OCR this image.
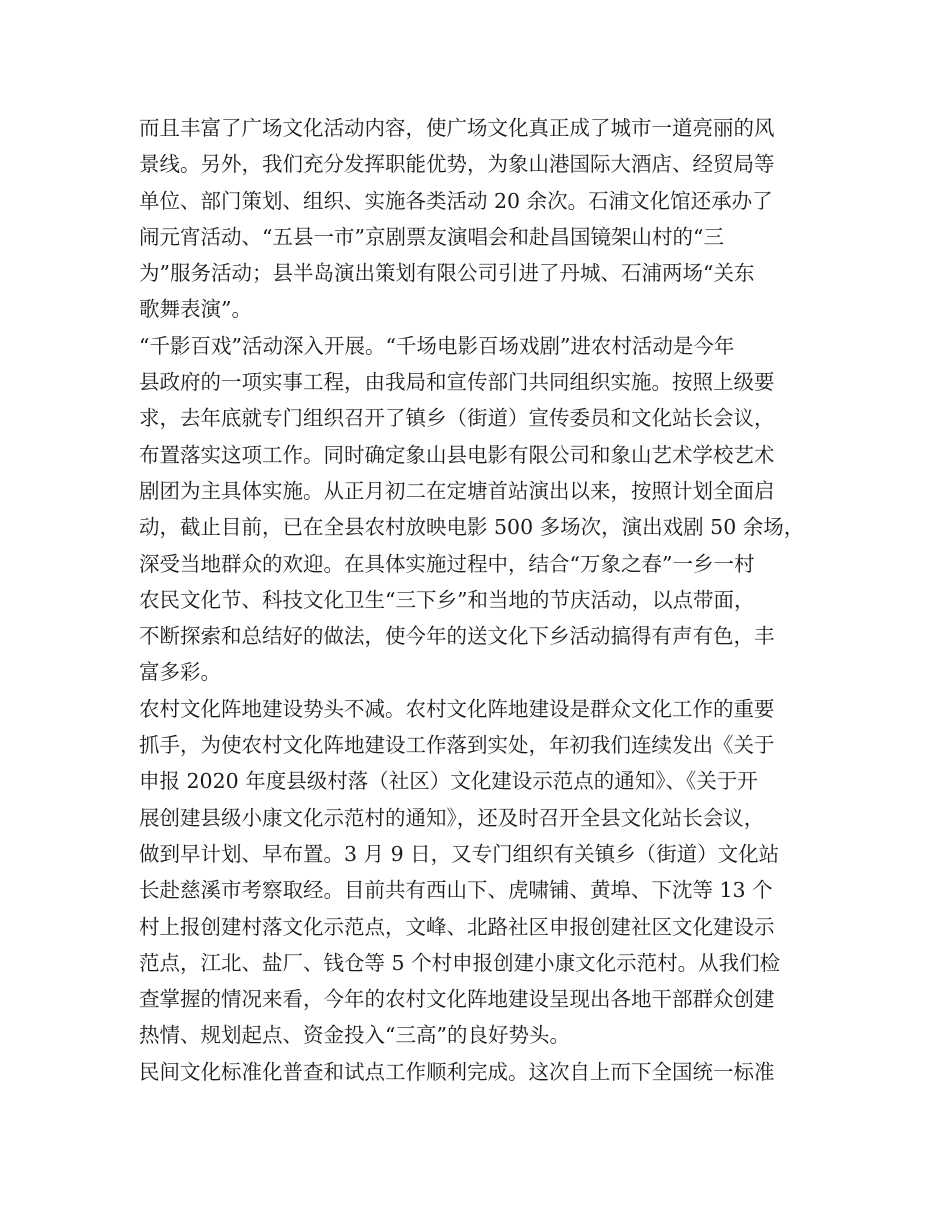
而且丰富了广场文化活动内容，使广场文化真正成了城市一道亮丽的风
景线。另外，我们充分发挥职能优势，为象山港国际大酒店、经贸局等
单位、部门策划、组织、实施各类活动 20 余次。石浦文化馆还承办了
闹元宵活动、“五县一市”京剧票友演唱会和赴昌国镜架山村的“三
为”服务活动；县半岛演出策划有限公司引进了丹城、石浦两场“关东
歌舞表演”。
“千影百戏”活动深入开展。“千场电影百场戏剧”进农村活动是今年
县政府的一项实事工程，由我局和宣传部门共同组织实施。按照上级要
求，去年底就专门组织召开了镇乡（街道）宣传委员和文化站长会议，
布置落实这项工作。同时确定象山县电影有限公司和象山艺术学校艺术
剧团为主具体实施。从正月初二在定塘首站演出以来，按照计划全面启
动，截止目前，已在全县农村放映电影 500 多场次，演出戏剧 50 余场，
深受当地群众的欢迎。在具体实施过程中，结合“万象之春”一乡一村
农民文化节、科技文化卫生“三下乡”和当地的节庆活动，以点带面，
不断探索和总结好的做法，使今年的送文化下乡活动搞得有声有色，丰
富多彩。
农村文化阵地建设势头不减。农村文化阵地建设是群众文化工作的重要
抓手，为使农村文化阵地建设工作落到实处，年初我们连续发出《关于
申报 2020 年度县级村落（社区）文化建设示范点的通知》、《关于开
展创建县级小康文化示范村的通知》，还及时召开全县文化站长会议，
做到早计划、早布置。3 月 9 日，又专门组织有关镇乡（街道）文化站
长赴慈溪市考察取经。目前共有西山下、虎啸铺、黄埠、下沈等 13 个
村上报创建村落文化示范点，文峰、北路社区申报创建社区文化建设示
范点，江北、盐厂、钱仓等 5 个村申报创建小康文化示范村。从我们检
查掌握的情况来看，今年的农村文化阵地建设呈现出各地干部群众创建
热情、规划起点、资金投入“三高”的良好势头。
民间文化标准化普查和试点工作顺利完成。这次自上而下全国统一标准
